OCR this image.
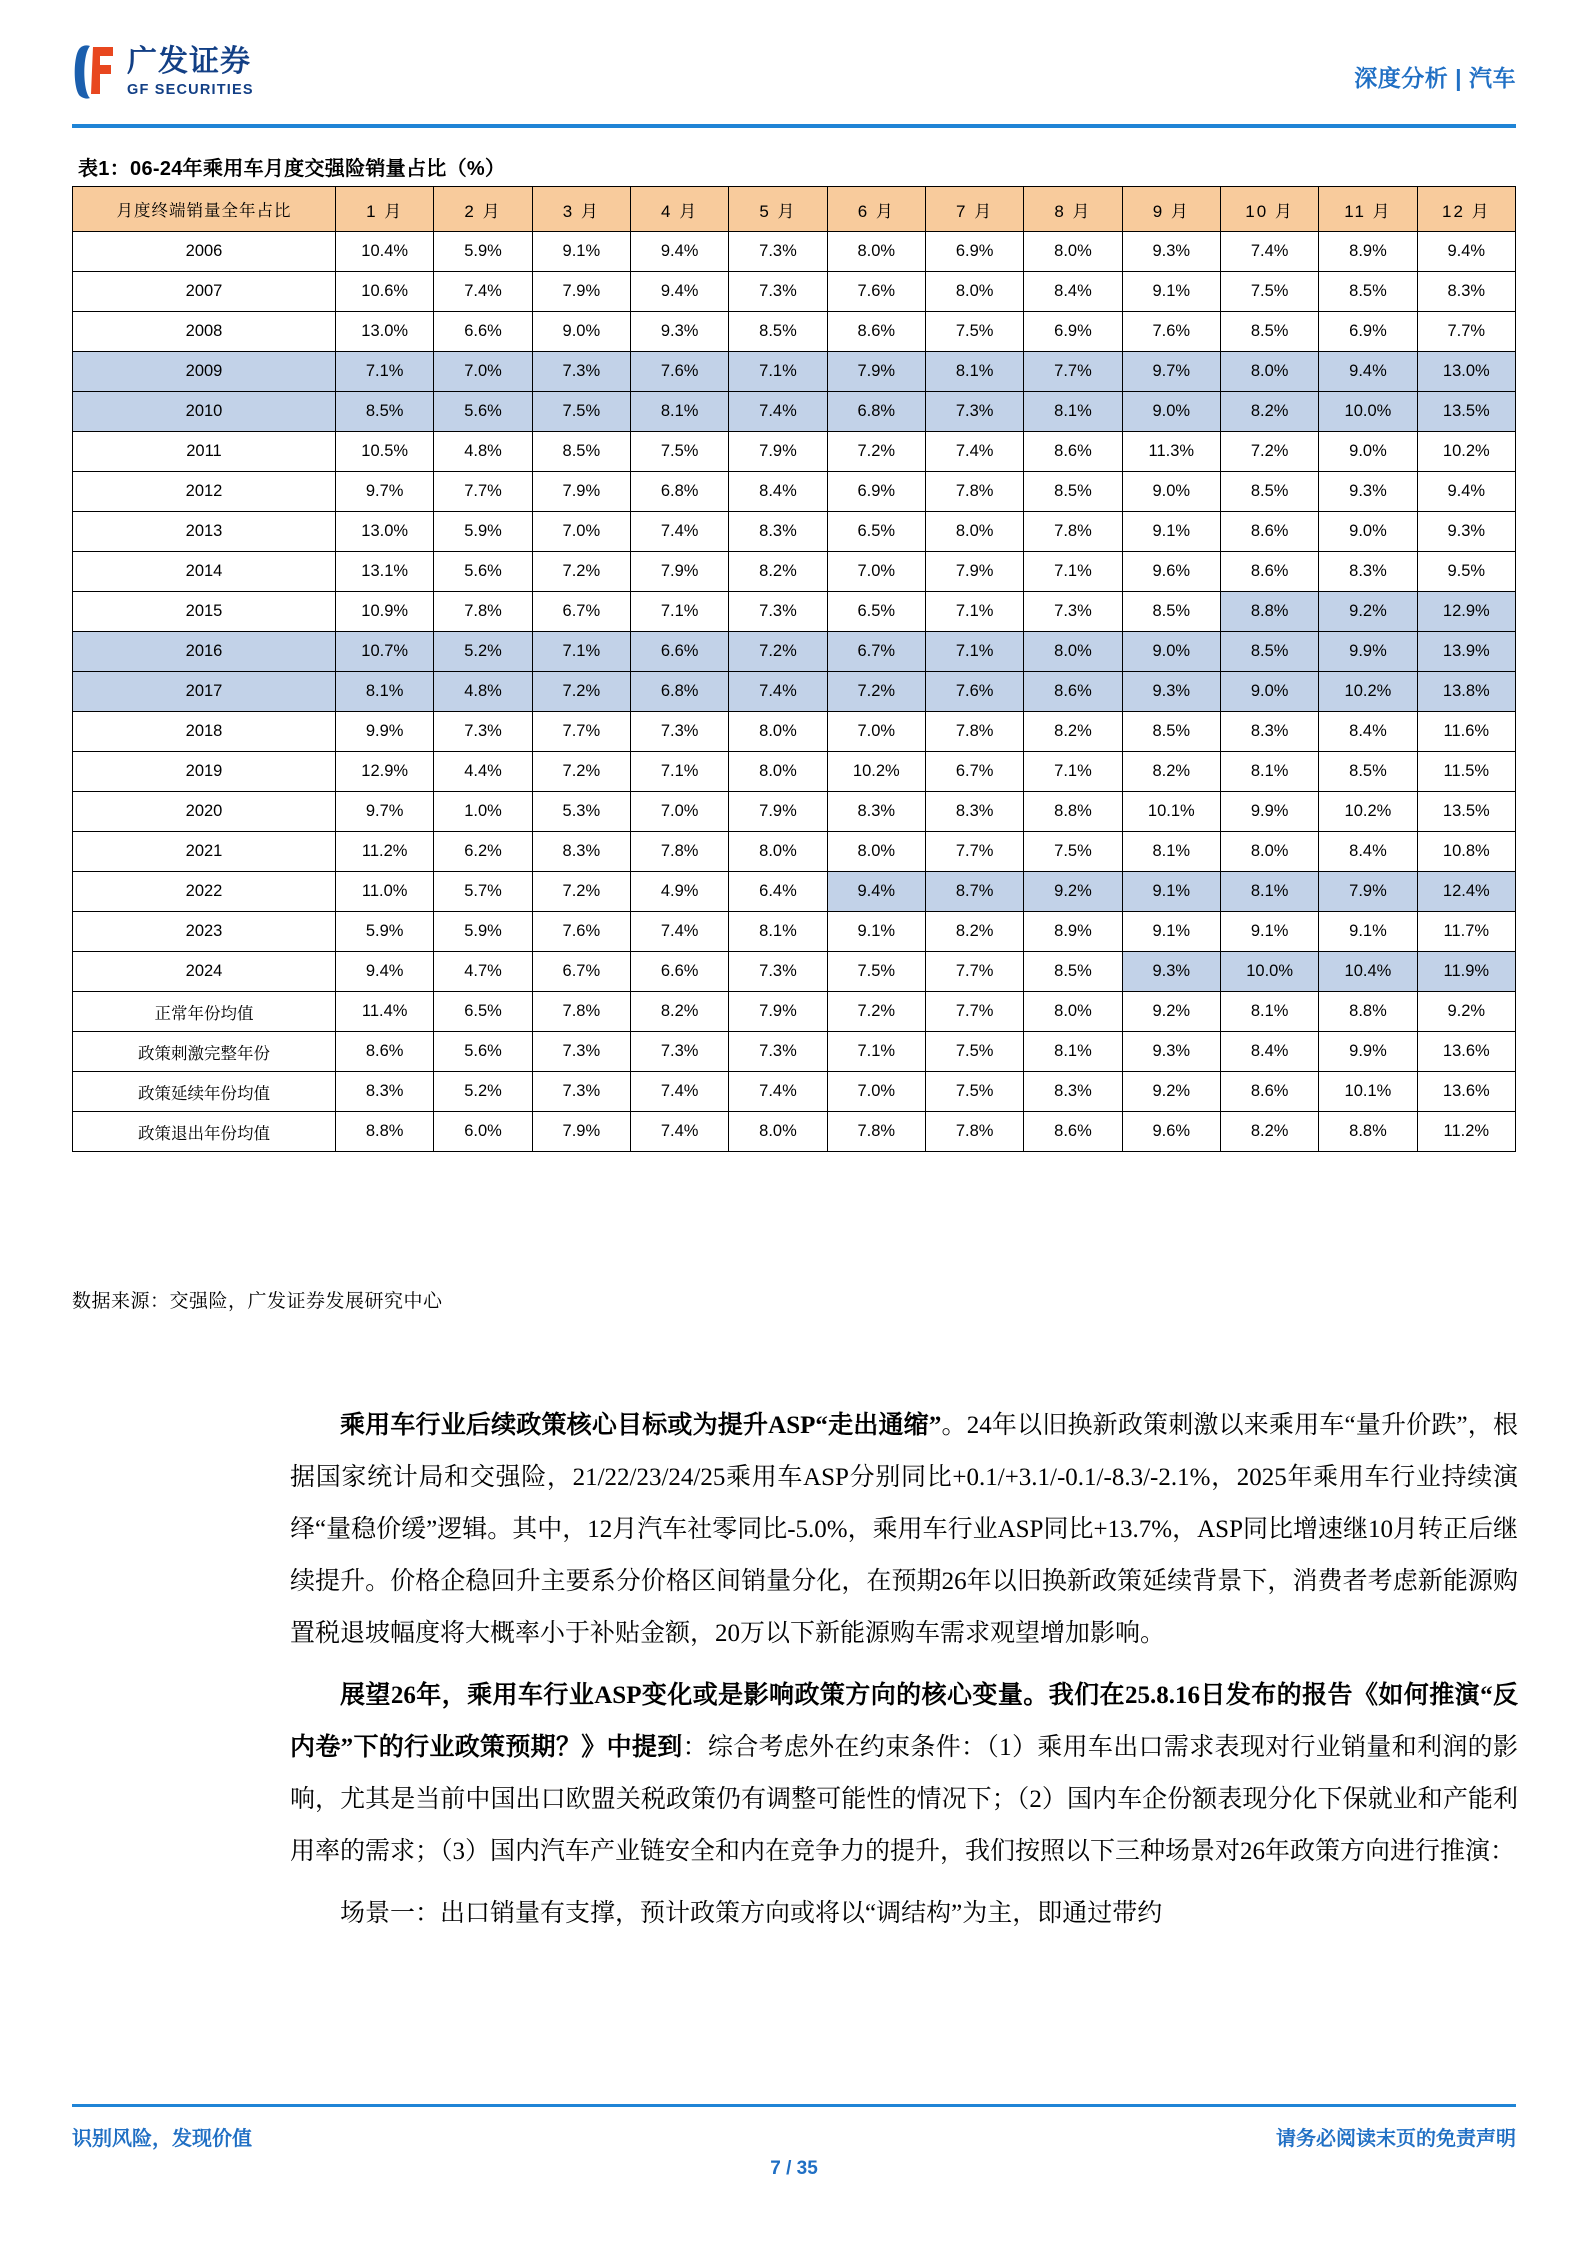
广发证券
GF SECURITIES	深度分析 | 汽车
表1：06-24年乘用车月度交强险销量占比（%）
月度终端销量全年占比	1 月	2 月	3 月	4 月	5 月	6 月	7 月	8 月	9 月	10 月	11 月	12 月
2006	10.4%	5.9%	9.1%	9.4%	7.3%	8.0%	6.9%	8.0%	9.3%	7.4%	8.9%	9.4%
2007	10.6%	7.4%	7.9%	9.4%	7.3%	7.6%	8.0%	8.4%	9.1%	7.5%	8.5%	8.3%
2008	13.0%	6.6%	9.0%	9.3%	8.5%	8.6%	7.5%	6.9%	7.6%	8.5%	6.9%	7.7%
2009	7.1%	7.0%	7.3%	7.6%	7.1%	7.9%	8.1%	7.7%	9.7%	8.0%	9.4%	13.0%
2010	8.5%	5.6%	7.5%	8.1%	7.4%	6.8%	7.3%	8.1%	9.0%	8.2%	10.0%	13.5%
2011	10.5%	4.8%	8.5%	7.5%	7.9%	7.2%	7.4%	8.6%	11.3%	7.2%	9.0%	10.2%
2012	9.7%	7.7%	7.9%	6.8%	8.4%	6.9%	7.8%	8.5%	9.0%	8.5%	9.3%	9.4%
2013	13.0%	5.9%	7.0%	7.4%	8.3%	6.5%	8.0%	7.8%	9.1%	8.6%	9.0%	9.3%
2014	13.1%	5.6%	7.2%	7.9%	8.2%	7.0%	7.9%	7.1%	9.6%	8.6%	8.3%	9.5%
2015	10.9%	7.8%	6.7%	7.1%	7.3%	6.5%	7.1%	7.3%	8.5%	8.8%	9.2%	12.9%
2016	10.7%	5.2%	7.1%	6.6%	7.2%	6.7%	7.1%	8.0%	9.0%	8.5%	9.9%	13.9%
2017	8.1%	4.8%	7.2%	6.8%	7.4%	7.2%	7.6%	8.6%	9.3%	9.0%	10.2%	13.8%
2018	9.9%	7.3%	7.7%	7.3%	8.0%	7.0%	7.8%	8.2%	8.5%	8.3%	8.4%	11.6%
2019	12.9%	4.4%	7.2%	7.1%	8.0%	10.2%	6.7%	7.1%	8.2%	8.1%	8.5%	11.5%
2020	9.7%	1.0%	5.3%	7.0%	7.9%	8.3%	8.3%	8.8%	10.1%	9.9%	10.2%	13.5%
2021	11.2%	6.2%	8.3%	7.8%	8.0%	8.0%	7.7%	7.5%	8.1%	8.0%	8.4%	10.8%
2022	11.0%	5.7%	7.2%	4.9%	6.4%	9.4%	8.7%	9.2%	9.1%	8.1%	7.9%	12.4%
2023	5.9%	5.9%	7.6%	7.4%	8.1%	9.1%	8.2%	8.9%	9.1%	9.1%	9.1%	11.7%
2024	9.4%	4.7%	6.7%	6.6%	7.3%	7.5%	7.7%	8.5%	9.3%	10.0%	10.4%	11.9%
正常年份均值	11.4%	6.5%	7.8%	8.2%	7.9%	7.2%	7.7%	8.0%	9.2%	8.1%	8.8%	9.2%
政策刺激完整年份	8.6%	5.6%	7.3%	7.3%	7.3%	7.1%	7.5%	8.1%	9.3%	8.4%	9.9%	13.6%
政策延续年份均值	8.3%	5.2%	7.3%	7.4%	7.4%	7.0%	7.5%	8.3%	9.2%	8.6%	10.1%	13.6%
政策退出年份均值	8.8%	6.0%	7.9%	7.4%	8.0%	7.8%	7.8%	8.6%	9.6%	8.2%	8.8%	11.2%
数据来源：交强险，广发证券发展研究中心

乘用车行业后续政策核心目标或为提升ASP“走出通缩”。24年以旧换新政策刺激以来乘用车“量升价跌”，根据国家统计局和交强险，21/22/23/24/25乘用车ASP分别同比+0.1/+3.1/-0.1/-8.3/-2.1%，2025年乘用车行业持续演绎“量稳价缓”逻辑。其中，12月汽车社零同比-5.0%，乘用车行业ASP同比+13.7%，ASP同比增速继10月转正后继续提升。价格企稳回升主要系分价格区间销量分化，在预期26年以旧换新政策延续背景下，消费者考虑新能源购置税退坡幅度将大概率小于补贴金额，20万以下新能源购车需求观望增加影响。

展望26年，乘用车行业ASP变化或是影响政策方向的核心变量。我们在25.8.16日发布的报告《如何推演“反内卷”下的行业政策预期？》中提到：综合考虑外在约束条件：（1）乘用车出口需求表现对行业销量和利润的影响，尤其是当前中国出口欧盟关税政策仍有调整可能性的情况下；（2）国内车企份额表现分化下保就业和产能利用率的需求；（3）国内汽车产业链安全和内在竞争力的提升，我们按照以下三种场景对26年政策方向进行推演：

场景一：出口销量有支撑，预计政策方向或将以“调结构”为主，即通过带约

识别风险，发现价值	请务必阅读末页的免责声明
7 / 35
